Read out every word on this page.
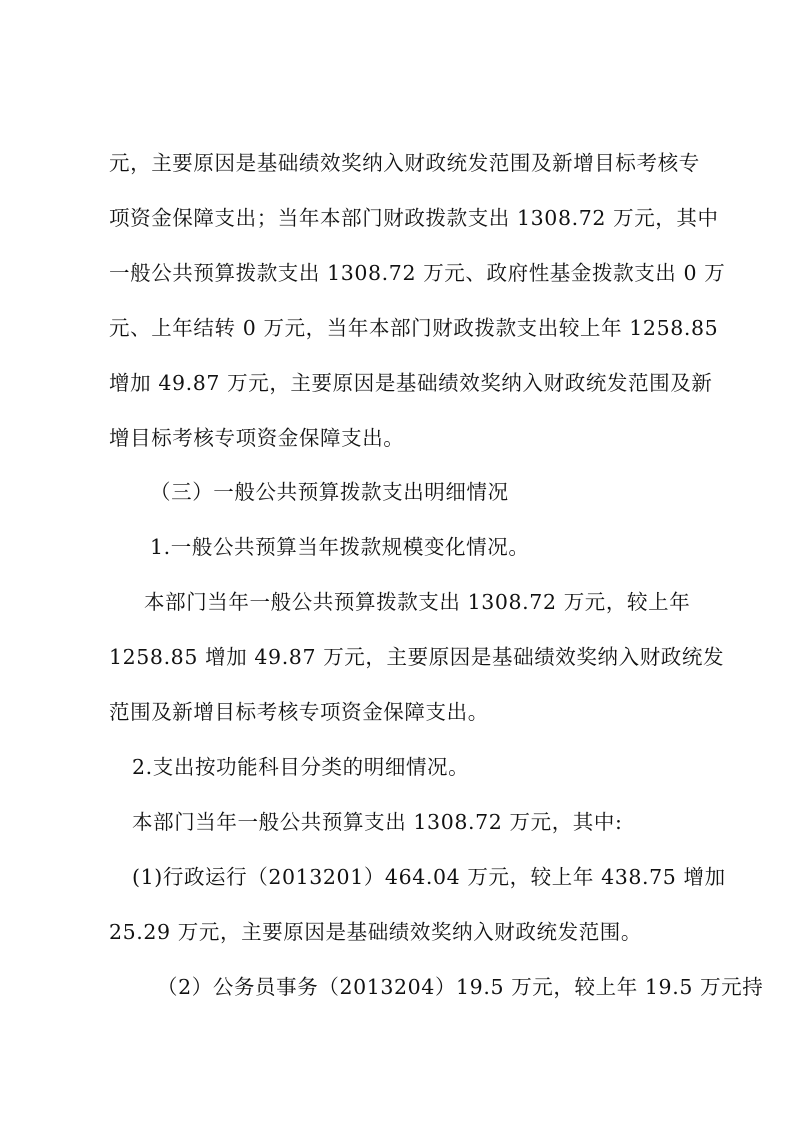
元，主要原因是基础绩效奖纳入财政统发范围及新增目标考核专
项资金保障支出；当年本部门财政拨款支出 1308.72 万元，其中
一般公共预算拨款支出 1308.72 万元、政府性基金拨款支出 0 万
元、上年结转 0 万元，当年本部门财政拨款支出较上年 1258.85
增加 49.87 万元，主要原因是基础绩效奖纳入财政统发范围及新
增目标考核专项资金保障支出。
（三）一般公共预算拨款支出明细情况
1.一般公共预算当年拨款规模变化情况。
本部门当年一般公共预算拨款支出 1308.72 万元，较上年
1258.85 增加 49.87 万元，主要原因是基础绩效奖纳入财政统发
范围及新增目标考核专项资金保障支出。
2.支出按功能科目分类的明细情况。
本部门当年一般公共预算支出 1308.72 万元，其中:
(1)行政运行（2013201）464.04 万元，较上年 438.75 增加
25.29 万元，主要原因是基础绩效奖纳入财政统发范围。
（2）公务员事务（2013204）19.5 万元，较上年 19.5 万元持
